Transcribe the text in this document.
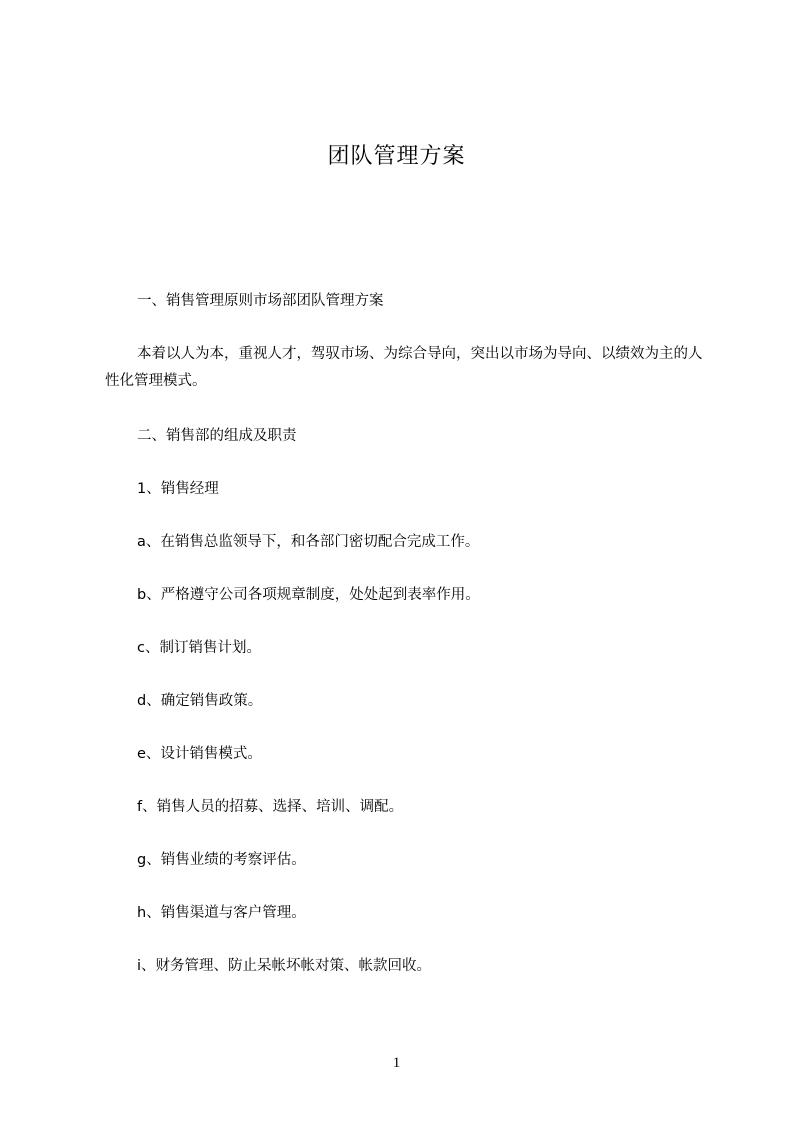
团队管理方案
一、销售管理原则市场部团队管理方案
本着以人为本，重视人才，驾驭市场、为综合导向，突出以市场为导向、以绩效为主的人性化管理模式。
二、销售部的组成及职责
1、销售经理
a、在销售总监领导下，和各部门密切配合完成工作。
b、严格遵守公司各项规章制度，处处起到表率作用。
c、制订销售计划。
d、确定销售政策。
e、设计销售模式。
f、销售人员的招募、选择、培训、调配。
g、销售业绩的考察评估。
h、销售渠道与客户管理。
i、财务管理、防止呆帐坏帐对策、帐款回收。
1
